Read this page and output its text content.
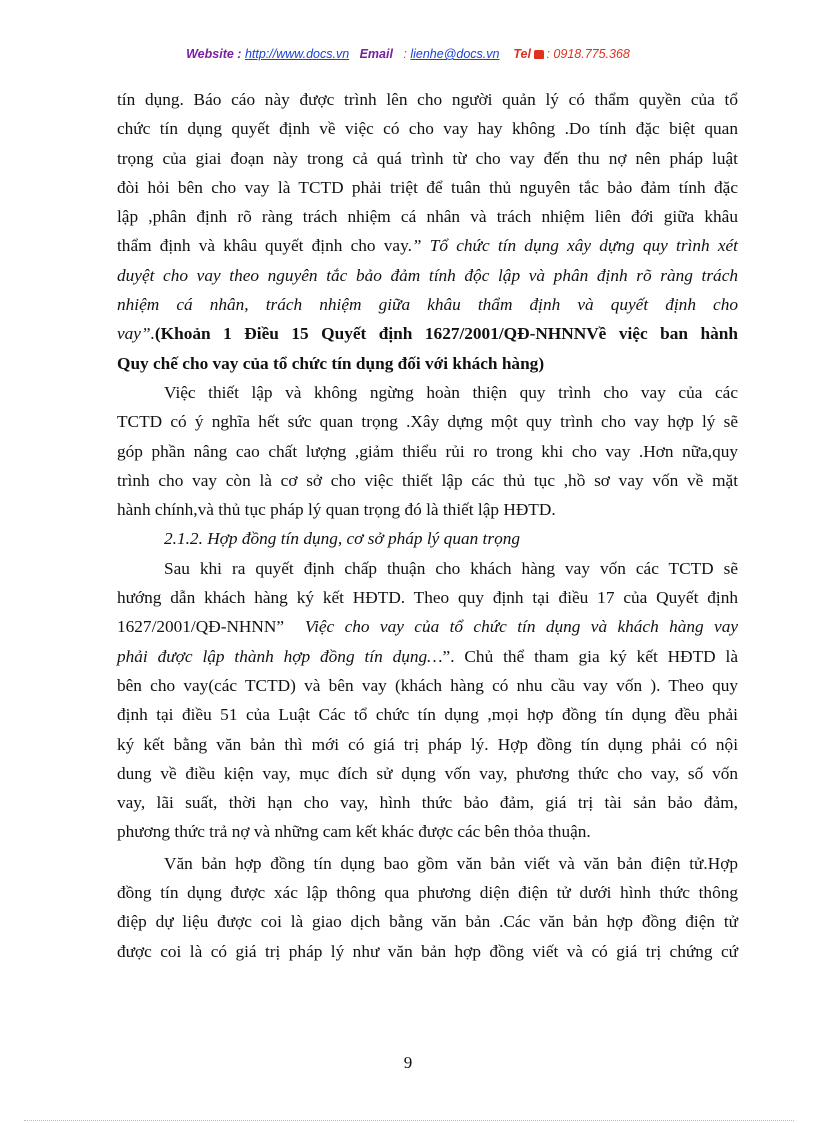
Website : http://www.docs.vn Email : lienhe@docs.vn Tel : 0918.775.368
tín dụng. Báo cáo này được trình lên cho người quản lý có thẩm quyền của tổ
chức tín dụng quyết định về việc có cho vay hay không .Do tính đặc biệt quan
trọng của giai đoạn này trong cả quá trình từ cho vay đến thu nợ nên pháp luật
đòi hỏi bên cho vay là TCTD phải triệt để tuân thủ nguyên tắc bảo đảm tính đặc
lập ,phân định rõ ràng trách nhiệm cá nhân và trách nhiệm liên đới giữa khâu
thẩm định và khâu quyết định cho vay.” Tổ chức tín dụng xây dựng quy trình xét
duyệt cho vay theo nguyên tắc bảo đảm tính độc lập và phân định rõ ràng trách
nhiệm cá nhân, trách nhiệm giữa khâu thẩm định và quyết định cho
vay”.(Khoản 1 Điều 15 Quyết định 1627/2001/QĐ-NHNNVề việc ban hành
Quy chế cho vay của tổ chức tín dụng đối với khách hàng)
Việc thiết lập và không ngừng hoàn thiện quy trình cho vay của các
TCTD có ý nghĩa hết sức quan trọng .Xây dựng một quy trình cho vay hợp lý sẽ
góp phần nâng cao chất lượng ,giảm thiểu rủi ro trong khi cho vay .Hơn nữa,quy
trình cho vay còn là cơ sở cho việc thiết lập các thủ tục ,hồ sơ vay vốn về mặt
hành chính,và thủ tục pháp lý quan trọng đó là thiết lập HĐTD.
2.1.2. Hợp đồng tín dụng, cơ sở pháp lý quan trọng
Sau khi ra quyết định chấp thuận cho khách hàng vay vốn các TCTD sẽ
hướng dẫn khách hàng ký kết HĐTD. Theo quy định tại điều 17 của Quyết định
1627/2001/QĐ-NHNN” Việc cho vay của tổ chức tín dụng và khách hàng vay
phải được lập thành hợp đồng tín dụng…”. Chủ thể tham gia ký kết HĐTD là
bên cho vay(các TCTD) và bên vay (khách hàng có nhu cầu vay vốn ). Theo quy
định tại điều 51 của Luật Các tổ chức tín dụng ,mọi hợp đồng tín dụng đều phải
ký kết bằng văn bản thì mới có giá trị pháp lý. Hợp đồng tín dụng phải có nội
dung về điều kiện vay, mục đích sử dụng vốn vay, phương thức cho vay, số vốn
vay, lãi suất, thời hạn cho vay, hình thức bảo đảm, giá trị tài sản bảo đảm,
phương thức trả nợ và những cam kết khác được các bên thỏa thuận.
Văn bản hợp đồng tín dụng bao gồm văn bản viết và văn bản điện tử.Hợp
đồng tín dụng được xác lập thông qua phương diện điện tử dưới hình thức thông
điệp dự liệu được coi là giao dịch bằng văn bản .Các văn bản hợp đồng điện tử
được coi là có giá trị pháp lý như văn bản hợp đồng viết và có giá trị chứng cứ
9
